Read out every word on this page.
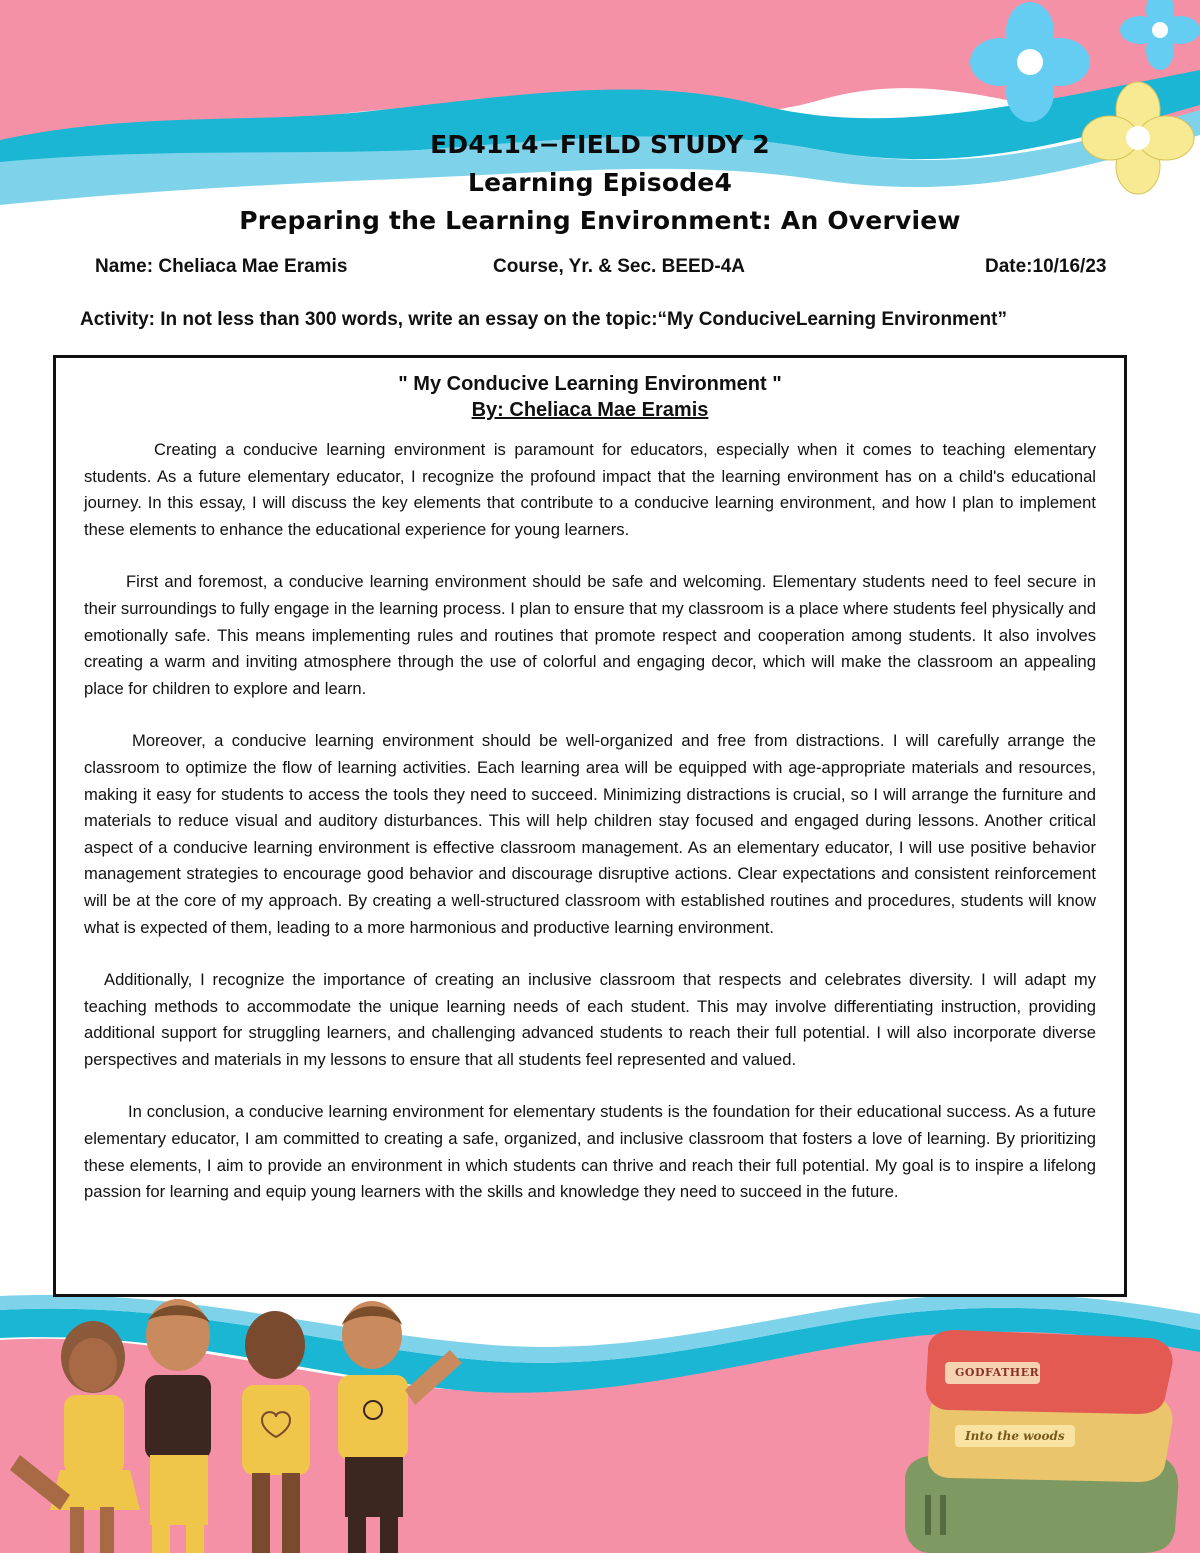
ED4114−FIELD STUDY 2
Learning Episode4
Preparing the Learning Environment: An Overview
Name: Cheliaca Mae Eramis	Course, Yr. & Sec. BEED-4A	Date:10/16/23
Activity: In not less than 300 words, write an essay on the topic:“My ConduciveLearning Environment”
" My Conducive Learning Environment "
By: Cheliaca Mae Eramis

Creating a conducive learning environment is paramount for educators, especially when it comes to teaching elementary students. As a future elementary educator, I recognize the profound impact that the learning environment has on a child's educational journey. In this essay, I will discuss the key elements that contribute to a conducive learning environment, and how I plan to implement these elements to enhance the educational experience for young learners.

First and foremost, a conducive learning environment should be safe and welcoming. Elementary students need to feel secure in their surroundings to fully engage in the learning process. I plan to ensure that my classroom is a place where students feel physically and emotionally safe. This means implementing rules and routines that promote respect and cooperation among students. It also involves creating a warm and inviting atmosphere through the use of colorful and engaging decor, which will make the classroom an appealing place for children to explore and learn.

Moreover, a conducive learning environment should be well-organized and free from distractions. I will carefully arrange the classroom to optimize the flow of learning activities. Each learning area will be equipped with age-appropriate materials and resources, making it easy for students to access the tools they need to succeed. Minimizing distractions is crucial, so I will arrange the furniture and materials to reduce visual and auditory disturbances. This will help children stay focused and engaged during lessons. Another critical aspect of a conducive learning environment is effective classroom management. As an elementary educator, I will use positive behavior management strategies to encourage good behavior and discourage disruptive actions. Clear expectations and consistent reinforcement will be at the core of my approach. By creating a well-structured classroom with established routines and procedures, students will know what is expected of them, leading to a more harmonious and productive learning environment.

Additionally, I recognize the importance of creating an inclusive classroom that respects and celebrates diversity. I will adapt my teaching methods to accommodate the unique learning needs of each student. This may involve differentiating instruction, providing additional support for struggling learners, and challenging advanced students to reach their full potential. I will also incorporate diverse perspectives and materials in my lessons to ensure that all students feel represented and valued.

In conclusion, a conducive learning environment for elementary students is the foundation for their educational success. As a future elementary educator, I am committed to creating a safe, organized, and inclusive classroom that fosters a love of learning. By prioritizing these elements, I aim to provide an environment in which students can thrive and reach their full potential. My goal is to inspire a lifelong passion for learning and equip young learners with the skills and knowledge they need to succeed in the future.

GODFATHER
Into the woods
